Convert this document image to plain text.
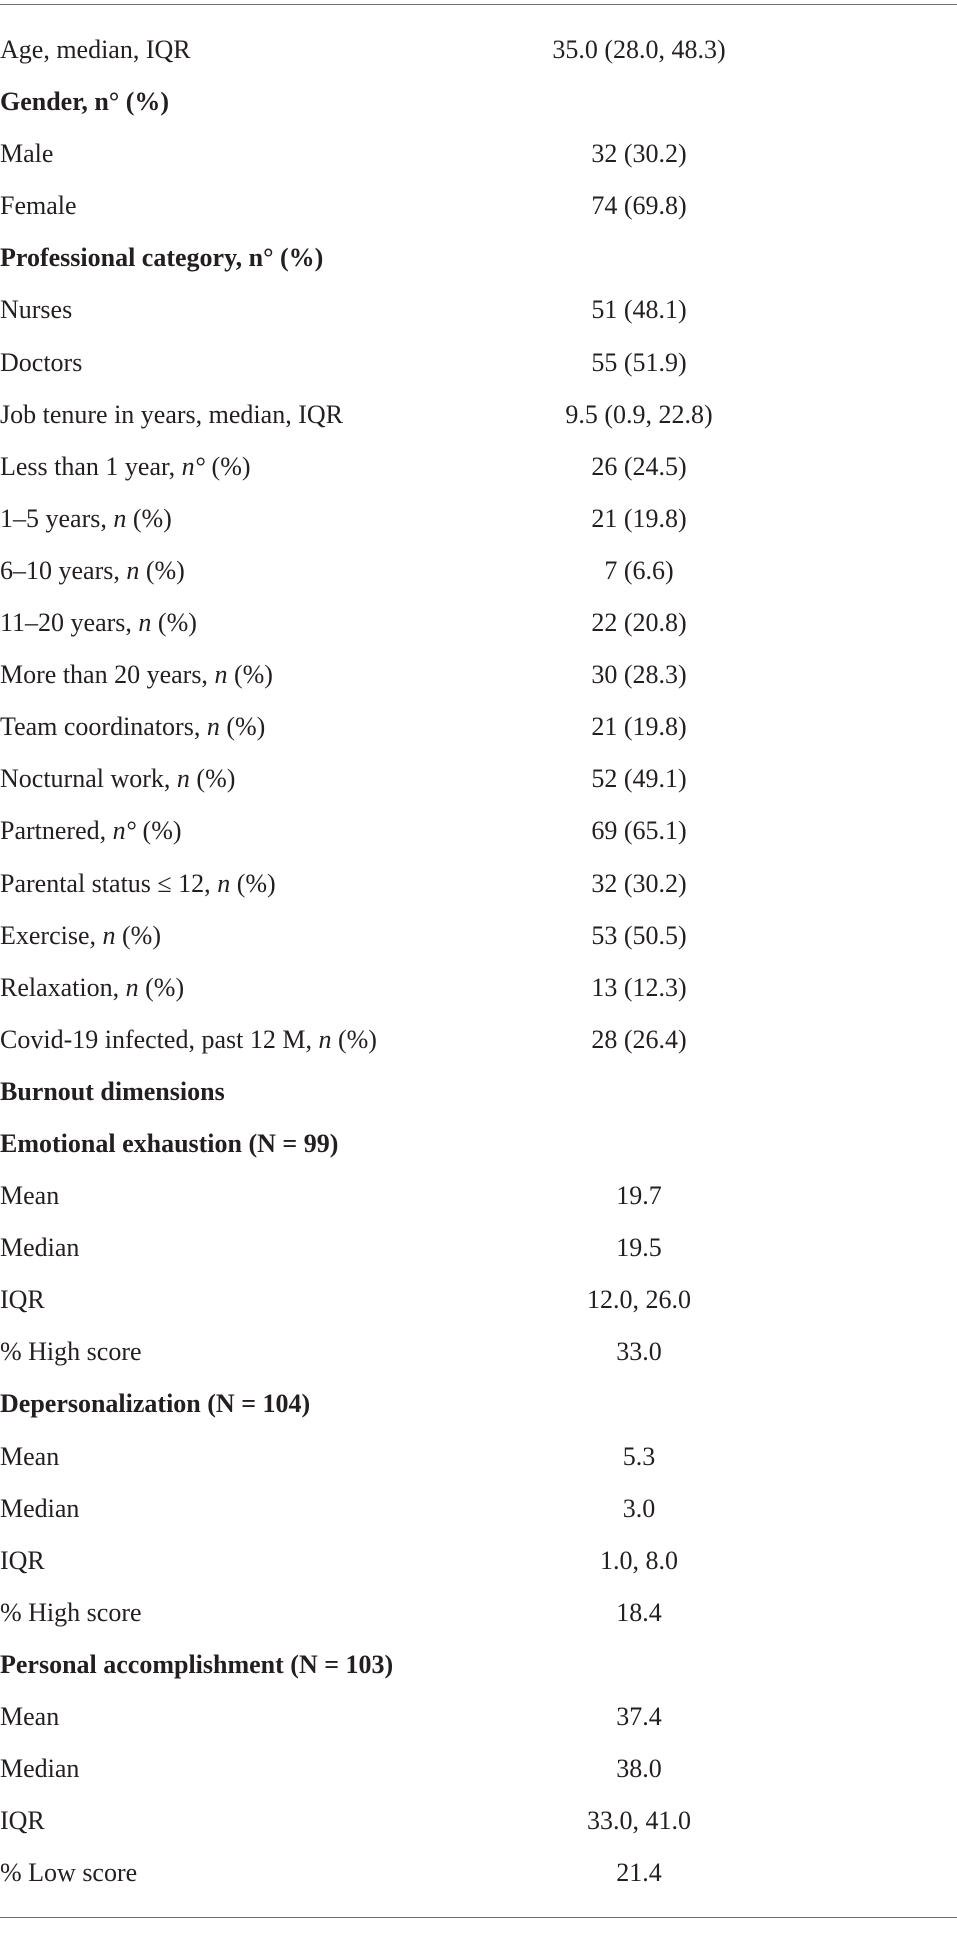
Age, median, IQR	35.0 (28.0, 48.3)
Gender, n° (%)
Male	32 (30.2)
Female	74 (69.8)
Professional category, n° (%)
Nurses	51 (48.1)
Doctors	55 (51.9)
Job tenure in years, median, IQR	9.5 (0.9, 22.8)
Less than 1 year, n° (%)	26 (24.5)
1–5 years, n (%)	21 (19.8)
6–10 years, n (%)	7 (6.6)
11–20 years, n (%)	22 (20.8)
More than 20 years, n (%)	30 (28.3)
Team coordinators, n (%)	21 (19.8)
Nocturnal work, n (%)	52 (49.1)
Partnered, n° (%)	69 (65.1)
Parental status ≤ 12, n (%)	32 (30.2)
Exercise, n (%)	53 (50.5)
Relaxation, n (%)	13 (12.3)
Covid-19 infected, past 12 M, n (%)	28 (26.4)
Burnout dimensions
Emotional exhaustion (N = 99)
Mean	19.7
Median	19.5
IQR	12.0, 26.0
% High score	33.0
Depersonalization (N = 104)
Mean	5.3
Median	3.0
IQR	1.0, 8.0
% High score	18.4
Personal accomplishment (N = 103)
Mean	37.4
Median	38.0
IQR	33.0, 41.0
% Low score	21.4
